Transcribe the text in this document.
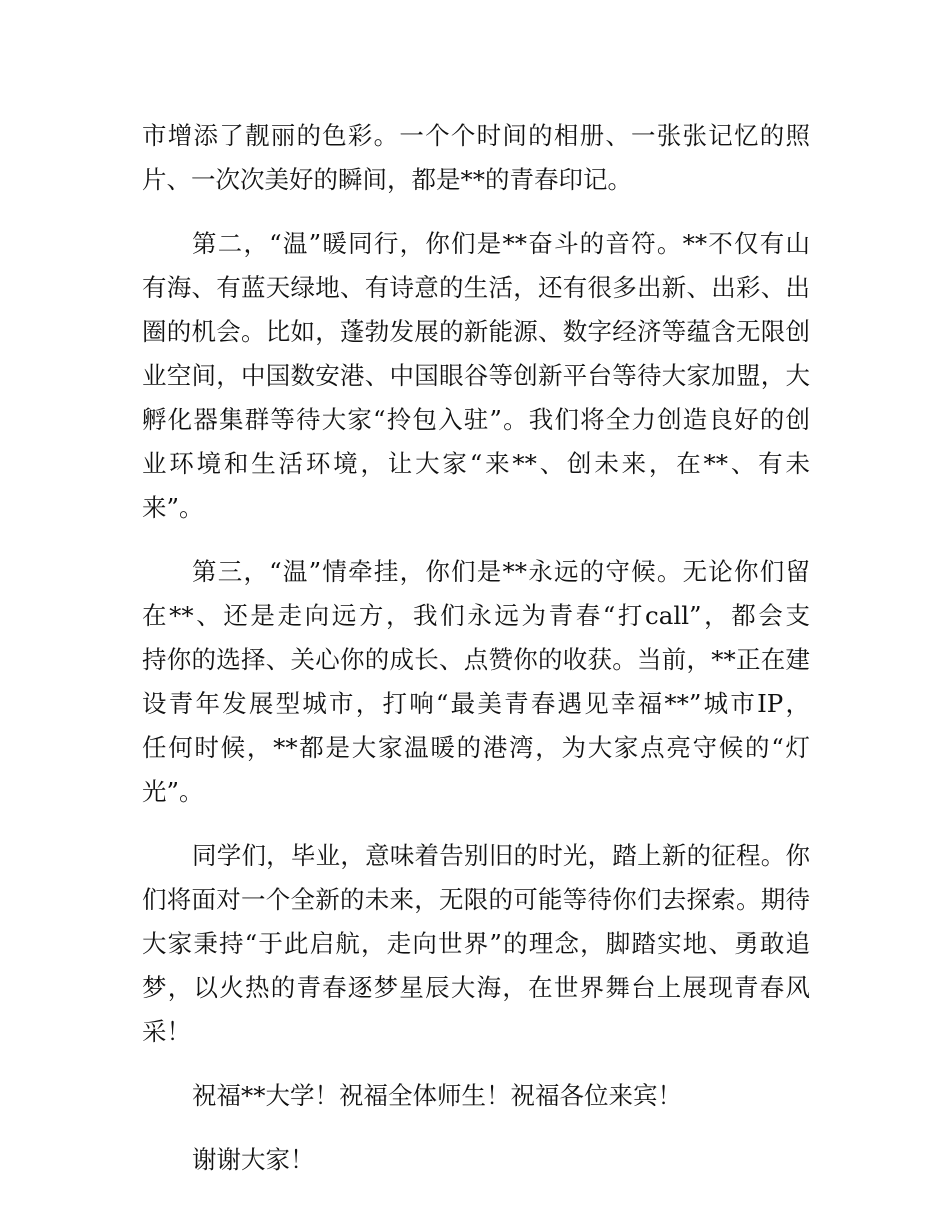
市增添了靓丽的色彩。一个个时间的相册、一张张记忆的照
片、一次次美好的瞬间，都是**的青春印记。
第二，“温”暖同行，你们是**奋斗的音符。**不仅有山
有海、有蓝天绿地、有诗意的生活，还有很多出新、出彩、出
圈的机会。比如，蓬勃发展的新能源、数字经济等蕴含无限创
业空间，中国数安港、中国眼谷等创新平台等待大家加盟，大
孵化器集群等待大家“拎包入驻”。我们将全力创造良好的创
业环境和生活环境，让大家“来**、创未来，在**、有未
来”。
第三，“温”情牵挂，你们是**永远的守候。无论你们留
在**、还是走向远方，我们永远为青春“打call”，都会支
持你的选择、关心你的成长、点赞你的收获。当前，**正在建
设青年发展型城市，打响“最美青春遇见幸福**”城市IP，
任何时候，**都是大家温暖的港湾，为大家点亮守候的“灯
光”。
同学们，毕业，意味着告别旧的时光，踏上新的征程。你
们将面对一个全新的未来，无限的可能等待你们去探索。期待
大家秉持“于此启航，走向世界”的理念，脚踏实地、勇敢追
梦，以火热的青春逐梦星辰大海，在世界舞台上展现青春风
采！
祝福**大学！祝福全体师生！祝福各位来宾！
谢谢大家！
